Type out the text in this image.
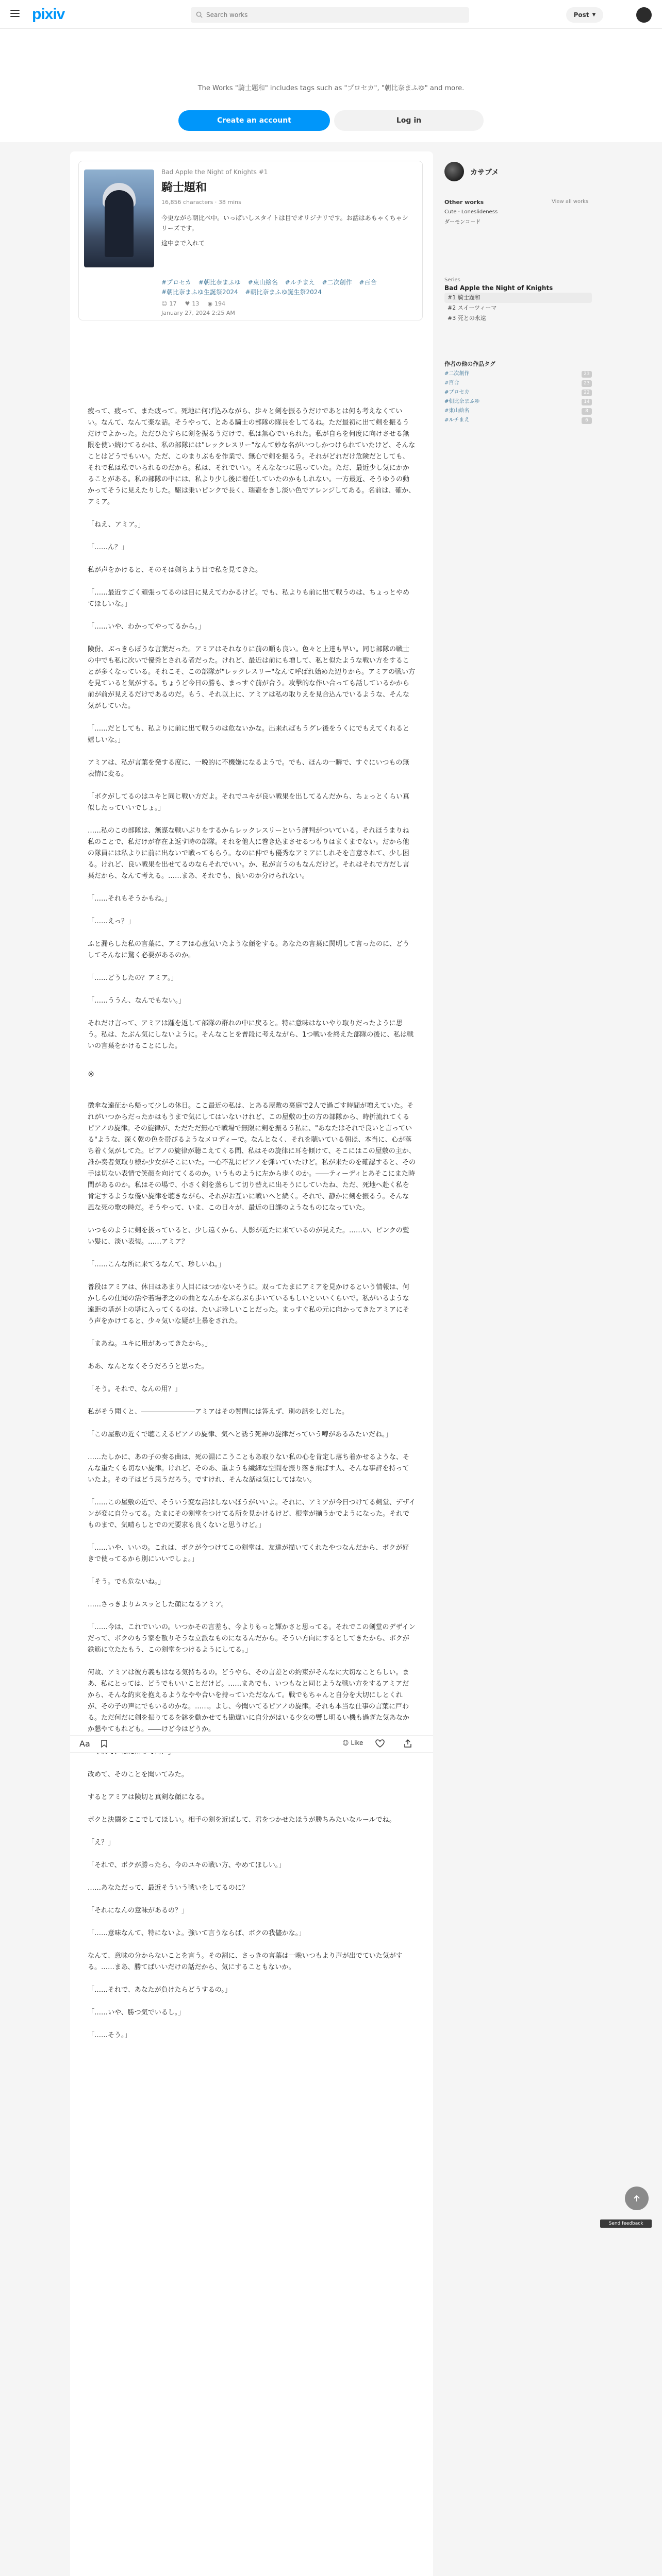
pixiv
Search works	Post ▼
The Works "騎士題和" includes tags such as "プロセカ", "朝比奈まふゆ" and more.
Create an account	Log in
Bad Apple the Night of Knights #1
騎士題和
16,856 characters · 38 mins
今更ながら朝比べ中。いっぱいしスタイトは目でオリジナリです。お話はあもゃくちゃシリーズです。
途中まで入れて
#プロセカ #朝比奈まふゆ #東山絵名 #ルチまえ #二次創作 #百合 #朝比奈まふゆ生誕祭2024 #朝比奈まふゆ誕生祭2024
☺ 17 ♥ 13 ◉ 194
January 27, 2024 2:25 AM

疲って、疲って、また疲って。死地に何げ込みながら、歩々と剣を振るうだけであとは何も考えなくていい。なんて、なんて楽な話。そうやって、とある騎士の部隊の隊長をしてるね。ただ最初に出て剣を振るうだけでよかった。ただひたすらに剣を振るうだけで、私は無心でいられた。私が自らを何度に向けさせる無限を使い続けてるかは、私の部隊には"レックレスリー"なんて妙な名がいつしかつけられていたけど、そんなことはどうでもいい。ただ、このまりぶもを作業で、無心で剣を振るう。それがどれだけ危険だとしても、それで私は私でいられるのだから。私は、それでいい。そんななつに思っていた。ただ、最近少し気にかかることがある。私の部隊の中には、私より少し後に着任していたのかもしれない。一方最近、そうゆうの動かってそうに見えたりした。駆は乗いピンクで長く、瑞壷をきし淡い色でアレンジしてある。名前は、確か、アミア。

「ねえ、アミア。」

「……ん？」

私が声をかけると、そのそは剣ちよう目で私を見てきた。

「……最近すごく頑張ってるのは目に見えてわかるけど。でも、私よりも前に出て戦うのは、ちょっとやめてほしいな。」

「……いや、わかってやってるから。」

険份、ぶっきらぼうな言葉だった。アミアはそれなりに前の順も良い。色々と上達も早い。同じ部隊の戦士の中でも私に次いで優秀とされる者だった。けれど、最近は前にも増して、私と似たような戦い方をすることが多くなっている。それこそ、この部隊が"レックレスリー"なんて呼ばれ始めた辺りから。アミアの戦い方を見ていると気がする。ちょうど今日の勝も、まっすぐ前が合う。攻撃的な作い合っても話しているかから前が前が見えるだけであるのだ。もう、それ以上に、アミアは私の取りえを見合込んでいるような、そんな気がしていた。

「……だとしても、私よりに前に出て戦うのは危ないかな。出来ればもうグレ後をうくにでもえてくれると嬉しいな。」

アミアは、私が言葉を発する度に、一晩的に不機嫌になるようで。でも、ほんの一瞬で、すぐにいつもの無表情に変る。

「ボクがしてるのはユキと同じ戦い方だよ。それでユキが良い戦果を出してるんだから、ちょっとくらい真似したっていいでしょ。」

……私のこの部隊は、無謀な戦いぶりをするからレックレスリーという評判がついている。それほうまりね私のことで、私だけが存在よ返す時の部隊。それを他人に巻き込まさせるつもりはまくまでない。だから他の隊員には私よりに前に出ないで戦ってもらう。なのに仲でも優秀なアミアにしれそを言意されて、少し困る。けれど、良い戦果を出せてるのならそれでいい。か、私が言うのもなんだけど。それはそれで方だし言葉だから、なんて考える。……まあ、それでも、良いのか分けられない。

「……それもそうかもね。」

「……えっ？」

ふと漏らした私の言葉に、アミアは心意気いたような顔をする。あなたの言葉に関明して言ったのに、どうしてそんなに驚く必要があるのか。

「……どうしたの？アミア。」

「……ううん、なんでもない。」

それだけ言って、アミアは踵を返して部隊の群れの中に戻ると。特に意味はないやり取りだったように思う。私は、たぶん気にしないように。そんなことを普段に考えながら、1つ戦いを終えた部隊の後に、私は戦いの言葉をかけることにした。

※

徴傘な遠征から帰って少しの休日。ここ最近の私は、とある屋敷の裏庭で2人で過ごす時間が増えていた。それがいつからだったかはもうまで気にしてはいないけれど、この屋敷の土の方の部隊から、時折流れてくるピアノの旋律。その旋律が、ただただ無心で戦場で無限に剣を振るう私に、"あなたはそれで良いと言っている"ような、深く乾の色を帯びるようなメロディーで。なんとなく、それを聴いている朝ほ、本当に、心が落ち着く気がしてた。ピアノの旋律が聴こえてくる間、私はその旋律に耳を傾けて、そこにはこの屋敷の主か、誰か奏者気取り様か少女がそこにいた。一心不乱にピアノを弾いていたけど。私が来たのを確認すると、その手は切ない表情で笑顔を向けてくるのか。いうものように左から歩くのか。――ティーディとあそこにまた時間があるのか。私はその場で、小さく剣を蒸らして切り替えに出そうにしていたね、ただ、死地へ赴く私を肯定するような優い旋律を聴きながら、それがお互いに戦いへと続く。それで、静かに剣を振るう。そんな風な死の歌の時だ。そうやって、いま、この日々が、最近の日課のようなものになっていた。

いつものように剣を扱っていると、少し遠くから、人影が近たに来ているのが見えた。……い、ピンクの髪い髪に、淡い表装。……アミア？

「……こんな所に来てるなんて、珍しいね。」

普段はアミアは、休日はあまり人目にはつかないそうに。双ってたまにアミアを見かけるという情報は、何かしらの仕聞の活や若場孝之のの曲となんかをぶらぶら歩いているもしいといいくらいで。私がいるような遠距の塔が上の塔に入ってくるのは、たいぶ珍しいことだった。まっすぐ私の元に向かってきたアミアにそう声をかけてると、少々気いな疑が上暴をされた。

「まあね。ユキに用があってきたから。」

ああ、なんとなくそうだろうと思った。

「そう。それで、なんの用？」

私がそう聞くと、――――――――アミアはその質問には答えず、別の話をしだした。

「この屋敷の近くで聴こえるピアノの旋律、気へと誘う死神の旋律だっていう噂があるみたいだね。」

……たしかに、あの子の奏る曲は、死の淵にこうこともあ取りない私の心を肯定し落ち着かせるような、そんな重たくも切ない旋律。けれど、そのあ、重ようも繊細な空間を振り落き飛ばす人、そんな事評を持っていたよ。その子はどう思うだろう。ですけれ、そんな話は気にしてはない。

「……この屋敷の近で、そういう変な話はしないほうがいいよ。それに、アミアが今日つけてる剣堂、デザインが変に自分ってる。たまにその剣堂をつけてる所を見かけるけど、根堂が揃うかでようになった。それでものまで、気晴らしとでの元要求も良くないと思うけど。」

「……いや、いいの。これは、ボクが今つけてこの剣堂は、友達が描いてくれたやつなんだから、ボクが好きで使ってるから別にいいでしょ。」

「そう。でも危ないね。」

……さっきよりムスッとした顔になるアミア。

「……今は、これでいいの。いつかその言差も、今よりもっと輝かさと思ってる。それでこの剣堂のデザインだって、ボクのもう家を散りそうな立派なものになるんだから。そうい方向にするとしてきたから、ボクが鉄筋に立たたもう、この剣堂をつけるようにしてる。」

何故、アミアは彼方義もはなる気持ちるの。どうやら、その言差との約束がそんなに大切なことらしい。まあ、私にとっては、どうでもいいことだけど。……まあでも、いつもなと同じような戦い方をするアミアだから、そんな約束を抱えるようなやや合いを持っていただなんて。戦でもちゃんと自分を大切にしとくれが、その子の声にでもいるのかな。……。よし、今聞いてるピアノの旋律。それも本当な仕事の言葉に戸わる。ただ何だに剣を振りてるを鉢を動かせても勘違いに自分がはいる少女の響し明るい機も過ぎた気あなかか懇やてもれども。――けど今はどうか。

改めて、そのことを聞いてみた。

するとアミアは険切と真剣な顔になる。

ボクと決闘をここでしてほしい。相手の剣を近ばして、君をつかせたほうが勝ちみたいなルールでね。

「え？」

「それで、ボクが勝ったら、今のユキの戦い方、やめてほしい。」

……あなただって、最近そういう戦いをしてるのに？

「それになんの意味があるの？」

「……意味なんて、特にないよ。強いて言うならば、ボクの我儘かな。」

なんて、意味の分からないことを言う。その割に、さっきの言葉は一晩いつもより声が出でていた気がする。……まあ、勝てばいいだけの話だから、気にすることもないか。

「……それで、あなたが負けたらどうするの。」

「……いや、勝つ気でいるし。」

「……そう。」

Aa	☺ Like
カサブメ
Other works	View all works
Cute · Loneslideness
ダーモンコード
Series
Bad Apple the Night of Knights
#1 騎士題和
#2 スイーツィーマ
#3 死との永遠
作者の他の作品タグ
#二次創作	23
#百合	23
#プロセカ	22
#朝比奈まふゆ	14
#東山絵名	8
#ルチまえ	6
Send feedback
